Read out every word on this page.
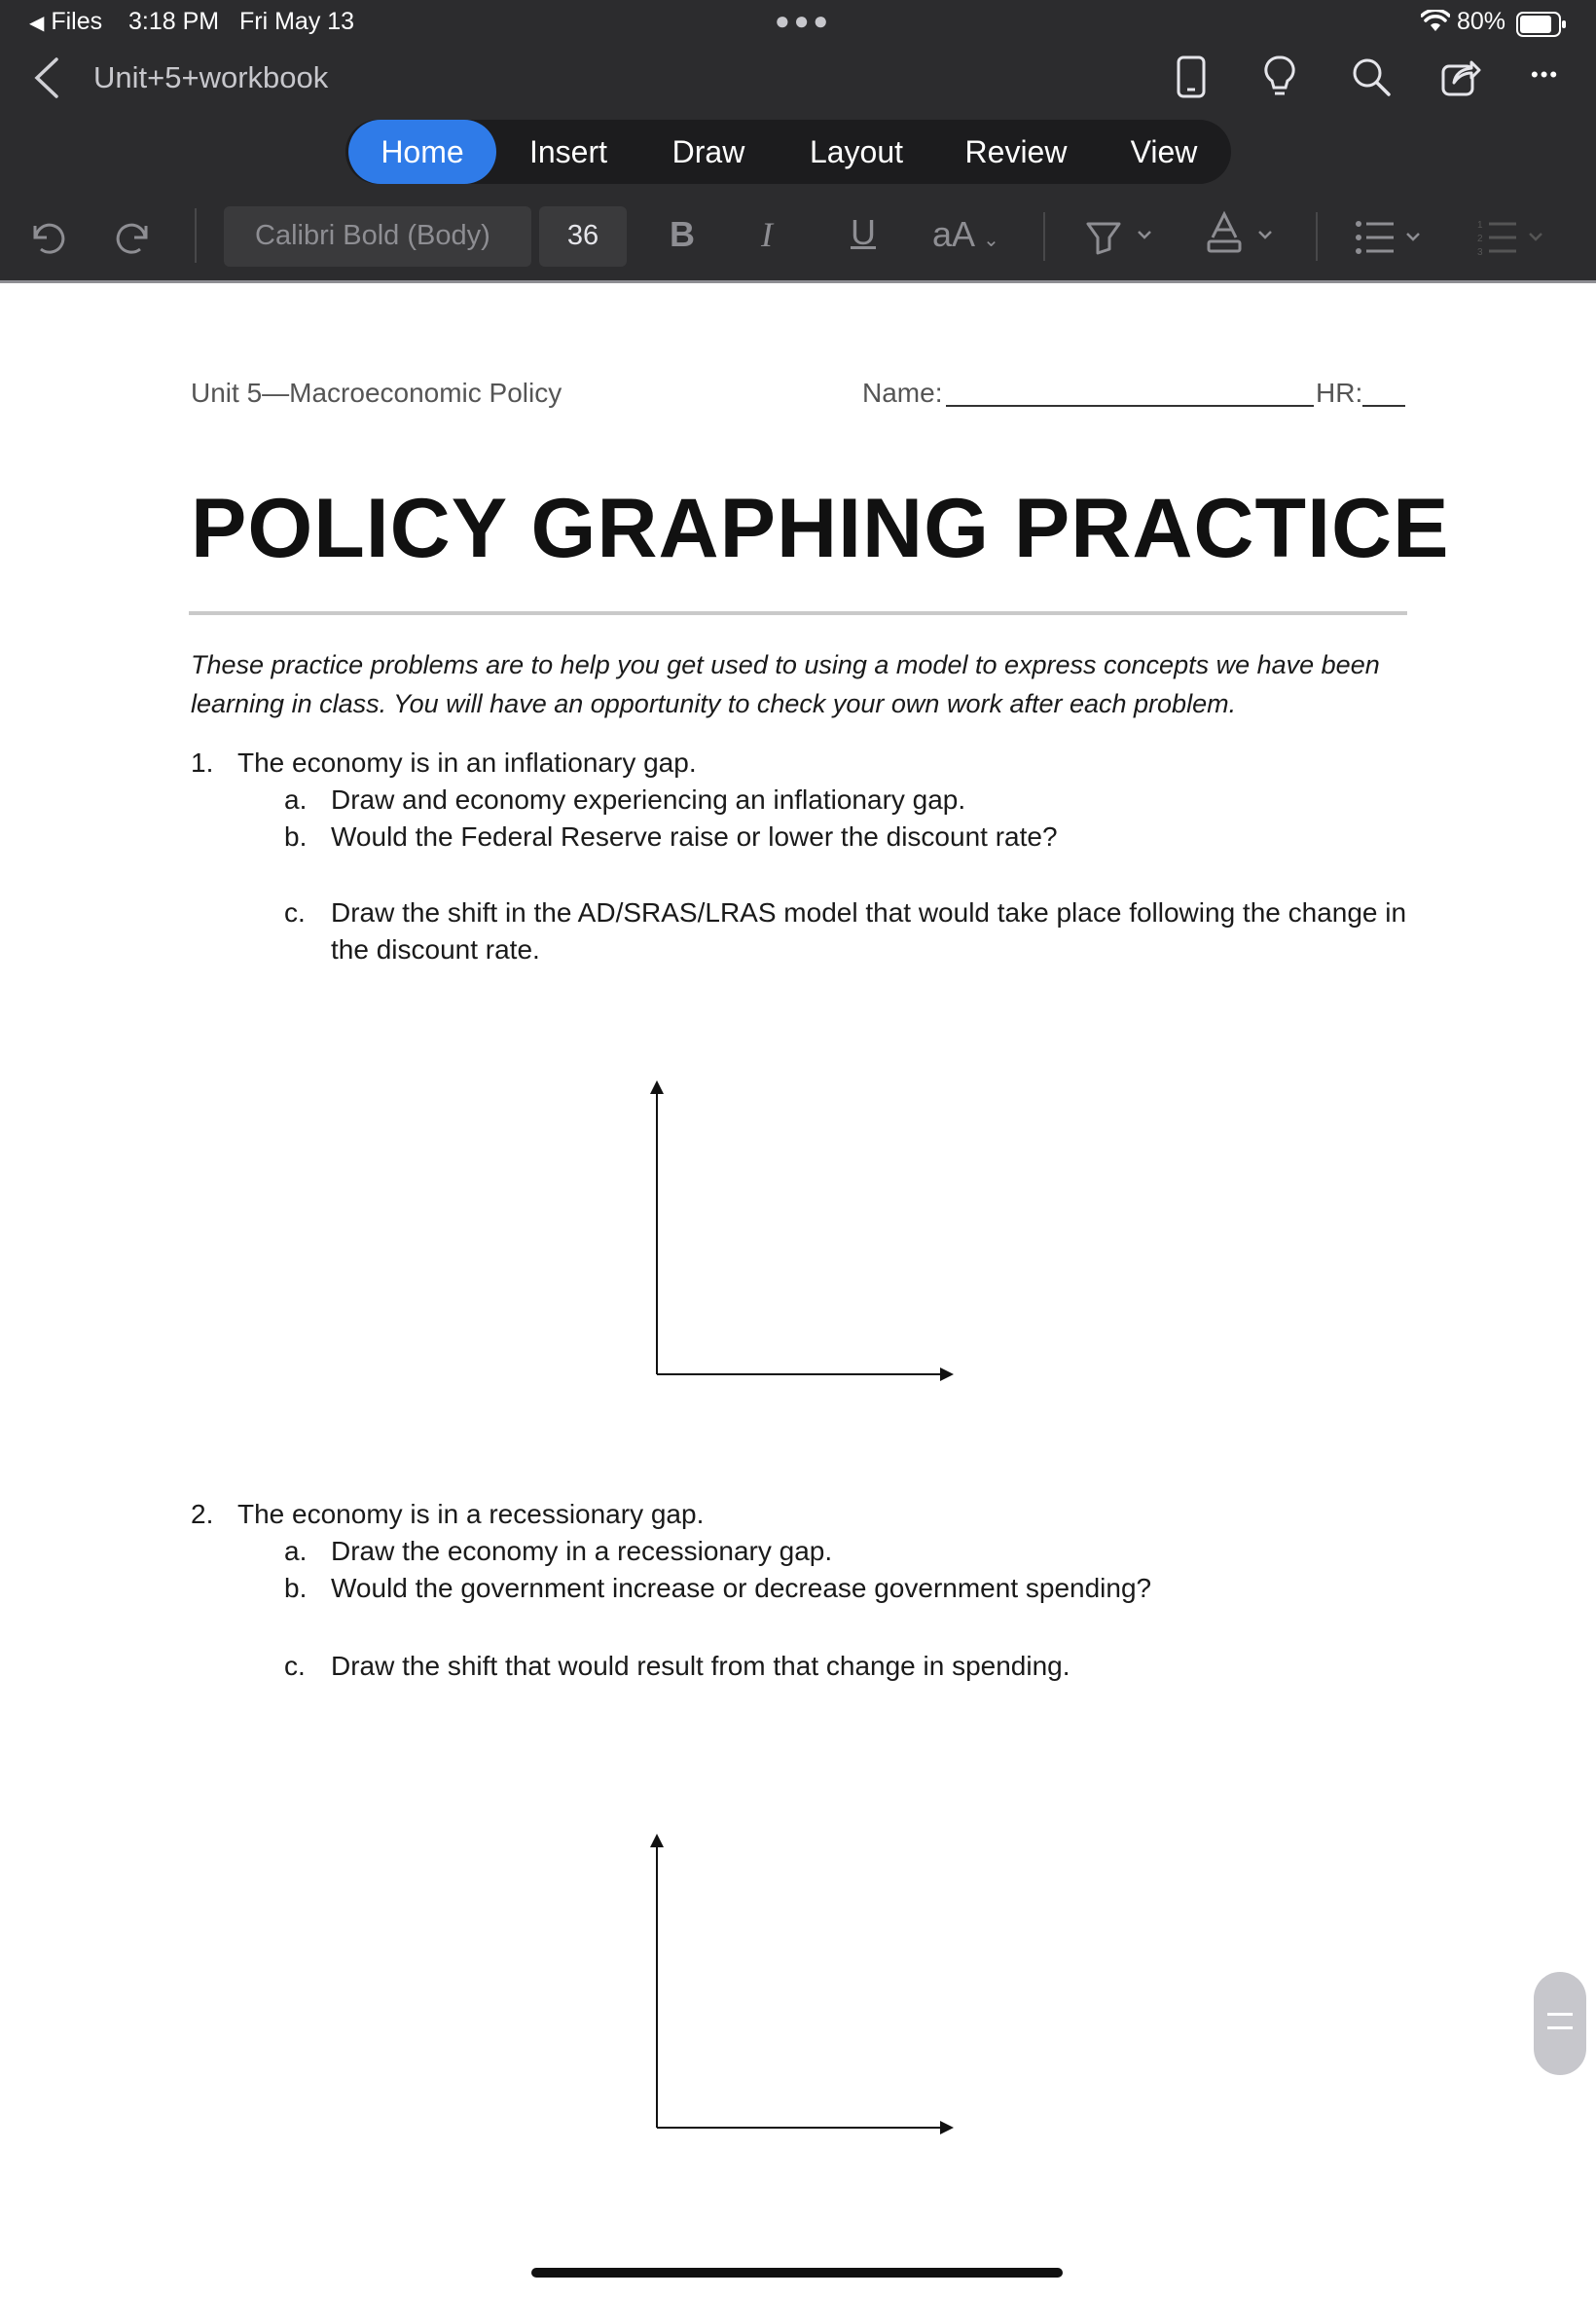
◀ Files 3:18 PM Fri May 13	●●●	80%
Unit+5+workbook	•••
Home	Insert	Draw	Layout	Review	View
Calibri Bold (Body)	36	B I U aA ⌄
1
2
3
Unit 5—Macroeconomic Policy	Name:	HR:
POLICY GRAPHING PRACTICE
These practice problems are to help you get used to using a model to express concepts we have been
learning in class. You will have an opportunity to check your own work after each problem.
1. The economy is in an inflationary gap.
a. Draw and economy experiencing an inflationary gap.
b. Would the Federal Reserve raise or lower the discount rate?
c. Draw the shift in the AD/SRAS/LRAS model that would take place following the change in
the discount rate.
2. The economy is in a recessionary gap.
a. Draw the economy in a recessionary gap.
b. Would the government increase or decrease government spending?
c. Draw the shift that would result from that change in spending.
